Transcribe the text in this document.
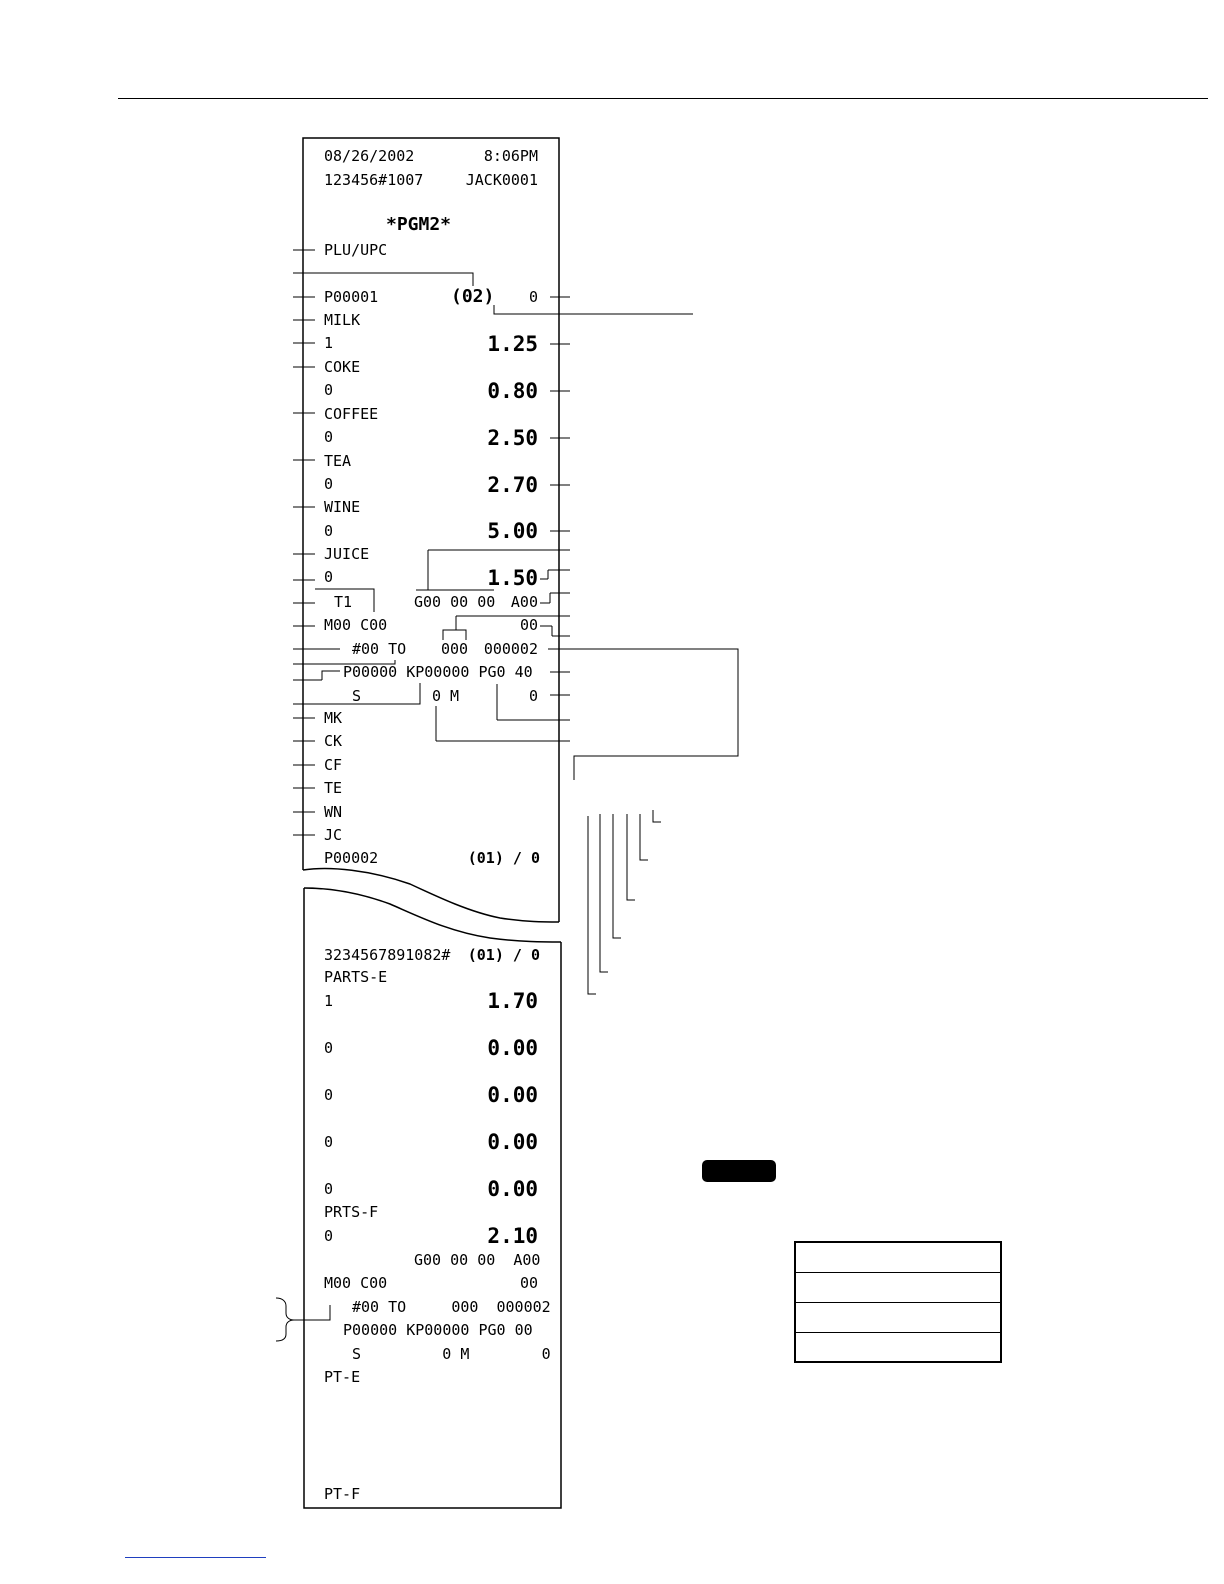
08/26/2002	8:06PM
123456#1007	JACK0001
*PGM2*
PLU/UPC
P00001	(02)	0
MILK
1	1.25
COKE
0	0.80
COFFEE
0	2.50
TEA
0	2.70
WINE
0	5.00
JUICE
0	1.50
T1	G00 00 00	A00
M00 C00	00
#00 TO 000	000002
P00000 KP00000 PG0 40
S	0 M	0
MK
CK
CF
TE
WN
JC
P00002	(01) / 0
3234567891082#	(01) / 0
PARTS-E
1	1.70
0	0.00
0	0.00
0	0.00
0	0.00
PRTS-F
0	2.10
G00 00 00  A00
M00 C00	00
#00 TO     000  000002
P00000 KP00000 PG0 00
S         0 M        0
PT-E
PT-F
